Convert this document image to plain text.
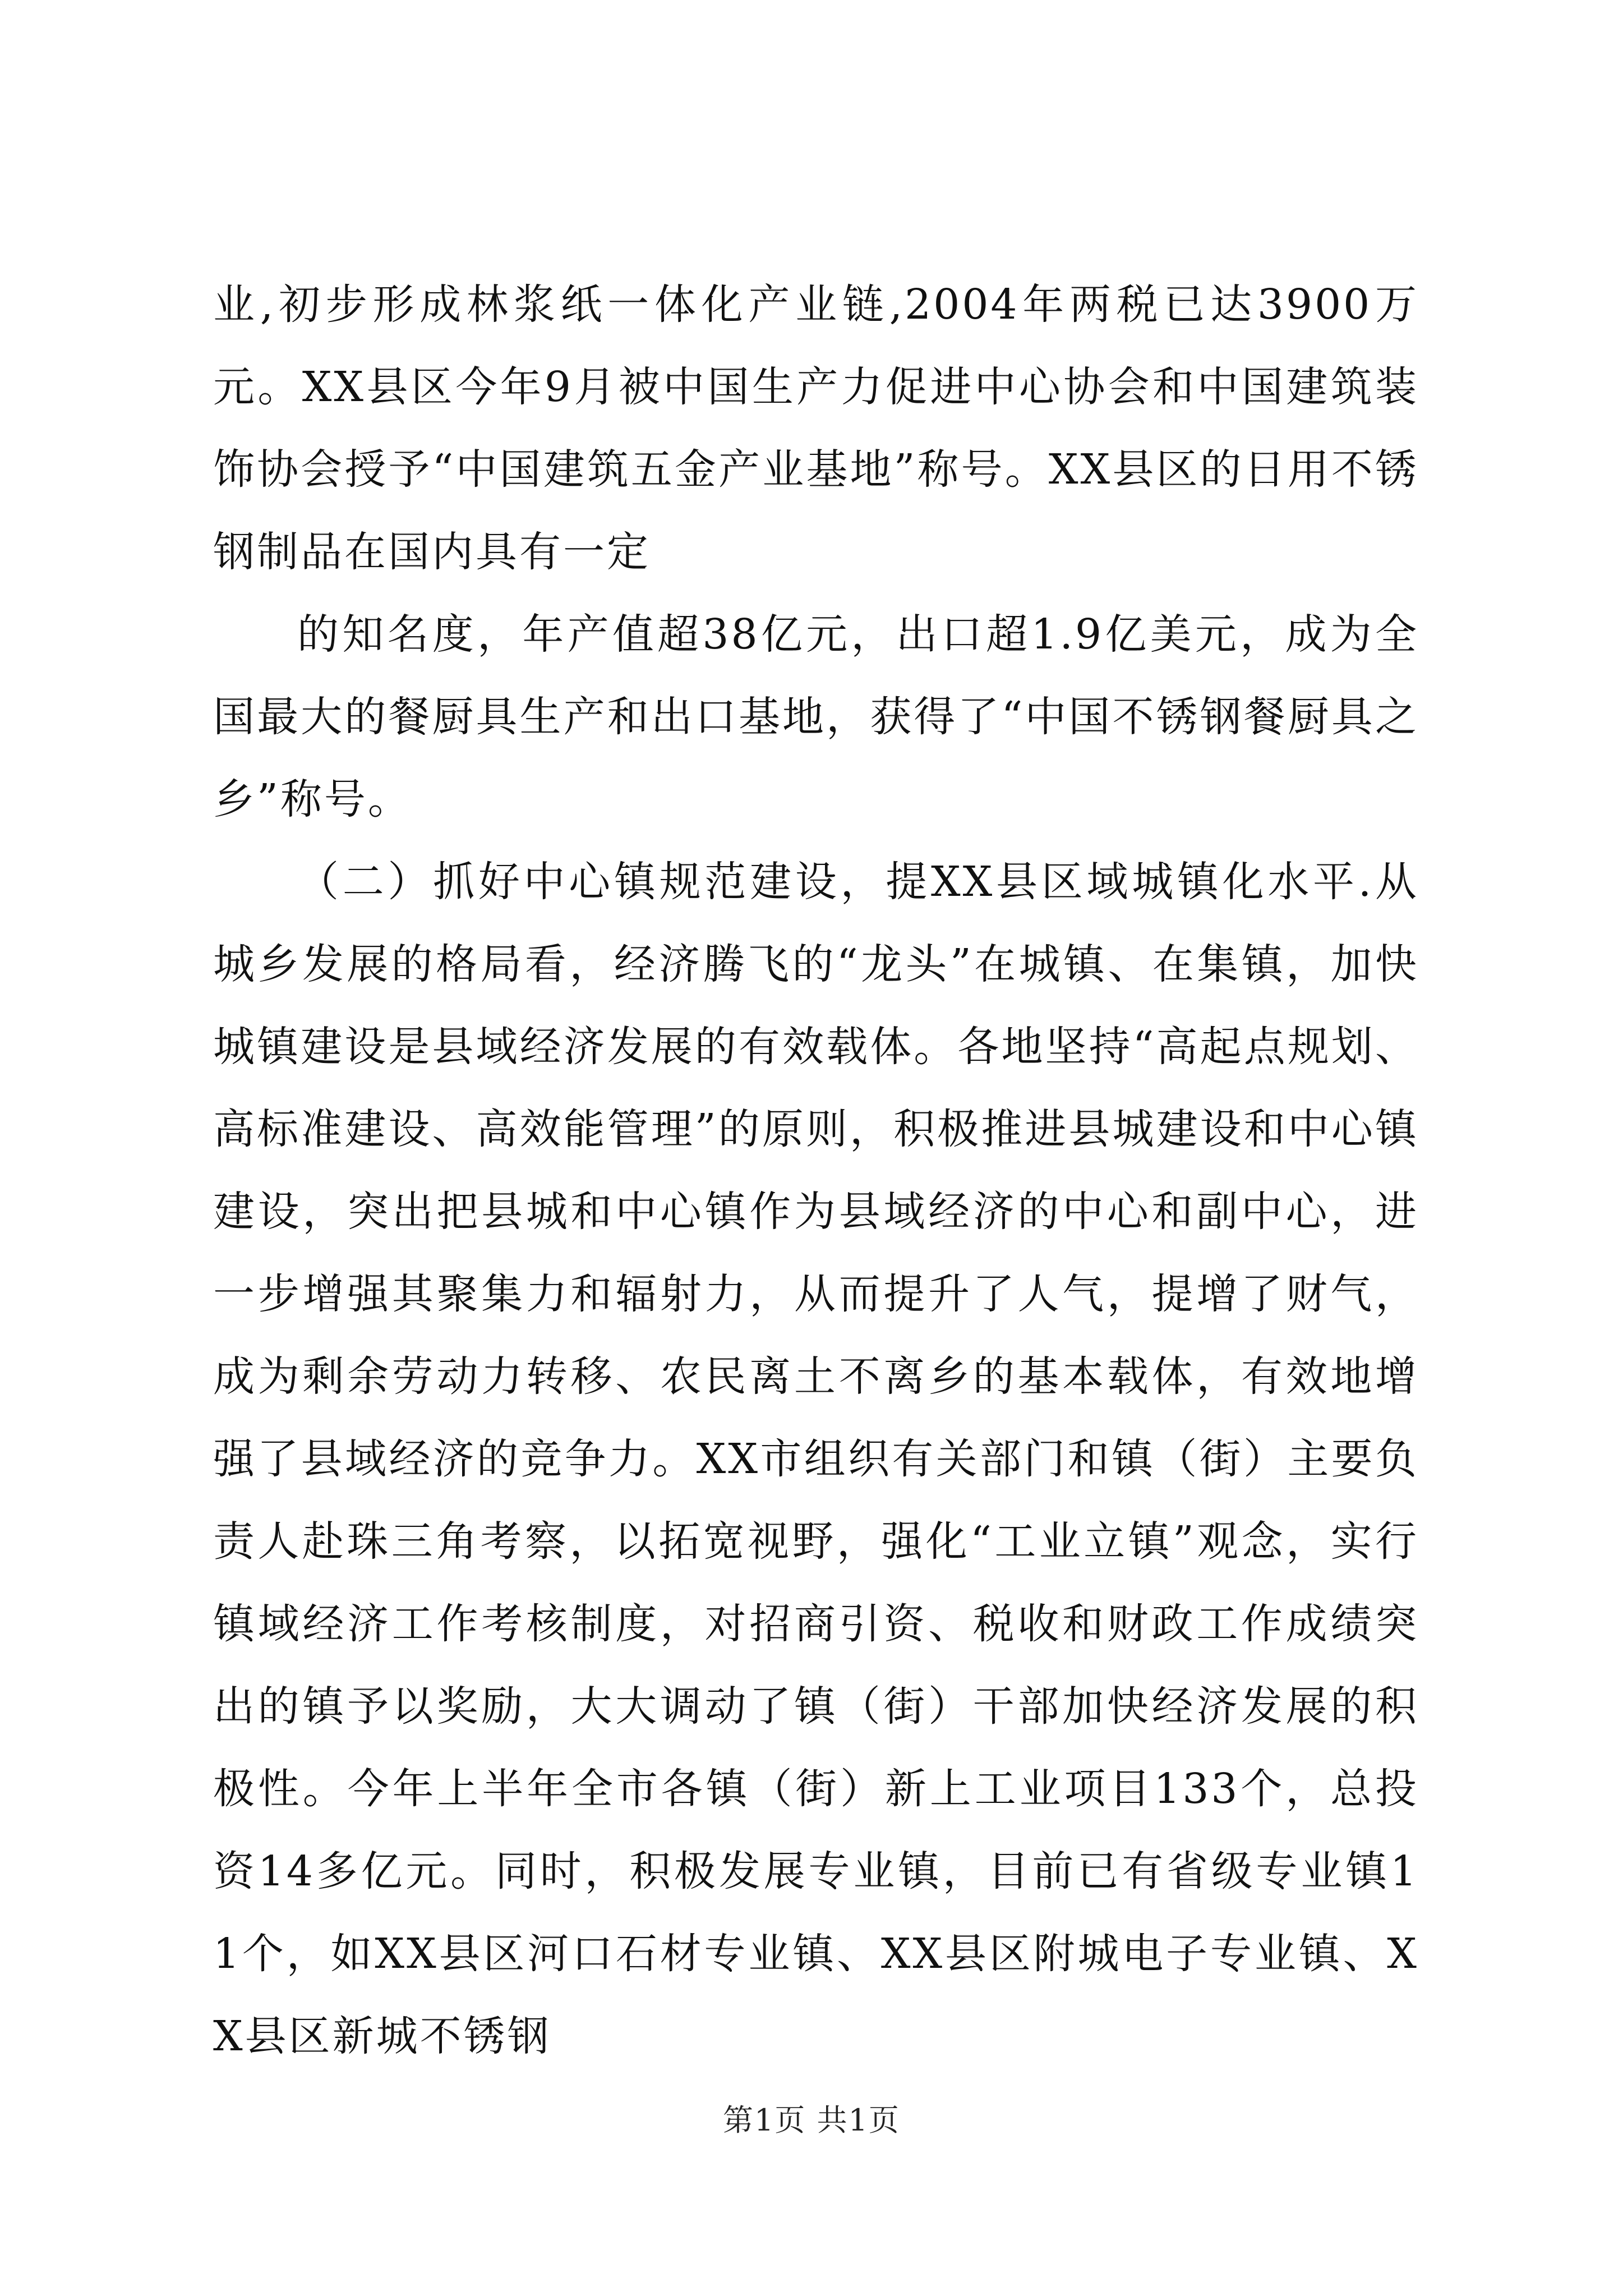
业,初步形成林浆纸一体化产业链,2004年两税已达3900万元。XX县区今年9月被中国生产力促进中心协会和中国建筑装饰协会授予“中国建筑五金产业基地”称号。XX县区的日用不锈钢制品在国内具有一定

的知名度，年产值超38亿元，出口超1.9亿美元，成为全国最大的餐厨具生产和出口基地，获得了“中国不锈钢餐厨具之乡”称号。

（二）抓好中心镇规范建设，提XX县区域城镇化水平.从城乡发展的格局看，经济腾飞的“龙头”在城镇、在集镇，加快城镇建设是县域经济发展的有效载体。各地坚持“高起点规划、高标准建设、高效能管理”的原则，积极推进县城建设和中心镇建设，突出把县城和中心镇作为县域经济的中心和副中心，进一步增强其聚集力和辐射力，从而提升了人气，提增了财气，成为剩余劳动力转移、农民离土不离乡的基本载体，有效地增强了县域经济的竞争力。XX市组织有关部门和镇（街）主要负责人赴珠三角考察，以拓宽视野，强化“工业立镇”观念，实行镇域经济工作考核制度，对招商引资、税收和财政工作成绩突出的镇予以奖励，大大调动了镇（街）干部加快经济发展的积极性。今年上半年全市各镇（街）新上工业项目133个，总投资14多亿元。同时，积极发展专业镇，目前已有省级专业镇11个，如XX县区河口石材专业镇、XX县区附城电子专业镇、XX县区新城不锈钢

第1页 共1页
